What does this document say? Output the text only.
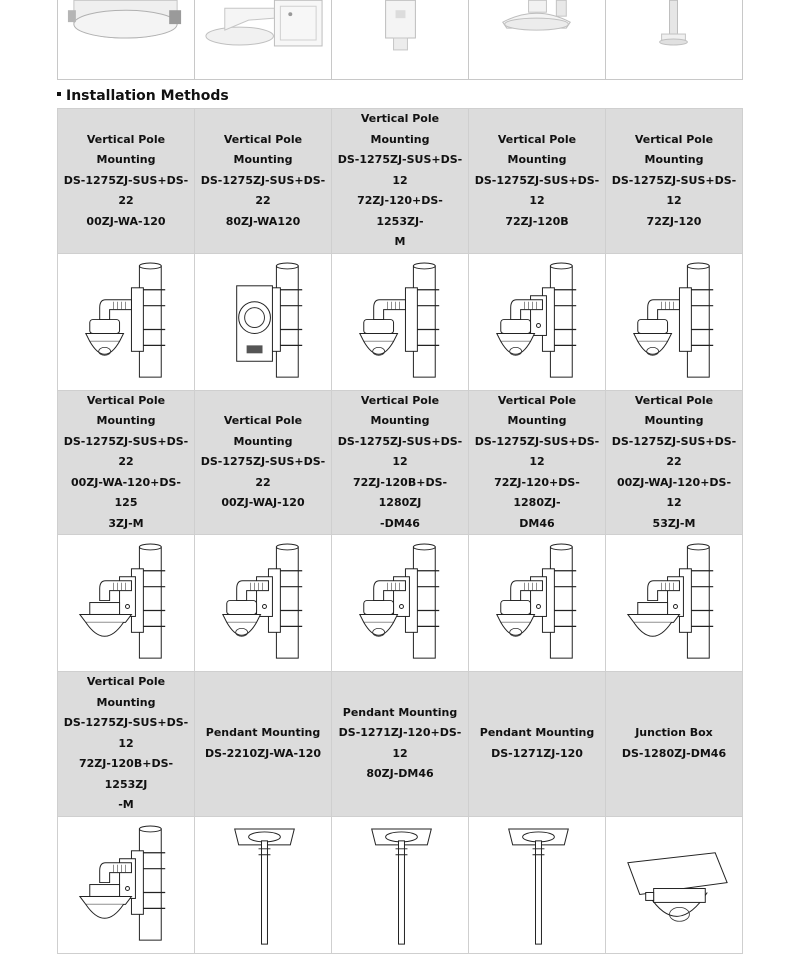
Installation Methods
Vertical Pole
Mounting
DS-1275ZJ-SUS+DS-22
00ZJ-WA-120	Vertical Pole
Mounting
DS-1275ZJ-SUS+DS-22
80ZJ-WA120	Vertical Pole
Mounting
DS-1275ZJ-SUS+DS-12
72ZJ-120+DS-1253ZJ-
M	Vertical Pole
Mounting
DS-1275ZJ-SUS+DS-12
72ZJ-120B	Vertical Pole
Mounting
DS-1275ZJ-SUS+DS-12
72ZJ-120

Vertical Pole
Mounting
DS-1275ZJ-SUS+DS-22
00ZJ-WA-120+DS-125
3ZJ-M	Vertical Pole
Mounting
DS-1275ZJ-SUS+DS-22
00ZJ-WAJ-120	Vertical Pole
Mounting
DS-1275ZJ-SUS+DS-12
72ZJ-120B+DS-1280ZJ
-DM46	Vertical Pole
Mounting
DS-1275ZJ-SUS+DS-12
72ZJ-120+DS-1280ZJ-
DM46	Vertical Pole
Mounting
DS-1275ZJ-SUS+DS-22
00ZJ-WAJ-120+DS-12
53ZJ-M

Vertical Pole
Mounting
DS-1275ZJ-SUS+DS-12
72ZJ-120B+DS-1253ZJ
-M	Pendant Mounting
DS-2210ZJ-WA-120	Pendant Mounting
DS-1271ZJ-120+DS-12
80ZJ-DM46	Pendant Mounting
DS-1271ZJ-120	Junction Box
DS-1280ZJ-DM46
